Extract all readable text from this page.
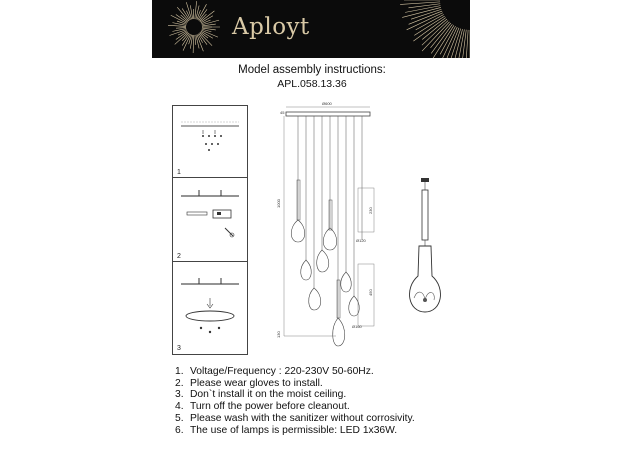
Aployt
Model assembly instructions:
APL.058.13.36
1
2
3
Ø600
45
1000
130
230
Ø120
450
Ø160
1. Voltage/Frequency : 220-230V 50-60Hz.
2. Please wear gloves to install.
3. Don`t install it on the moist ceiling.
4. Turn off the power before cleanout.
5. Please wash with the sanitizer without corrosivity.
6. The use of lamps is permissible: LED 1x36W.
